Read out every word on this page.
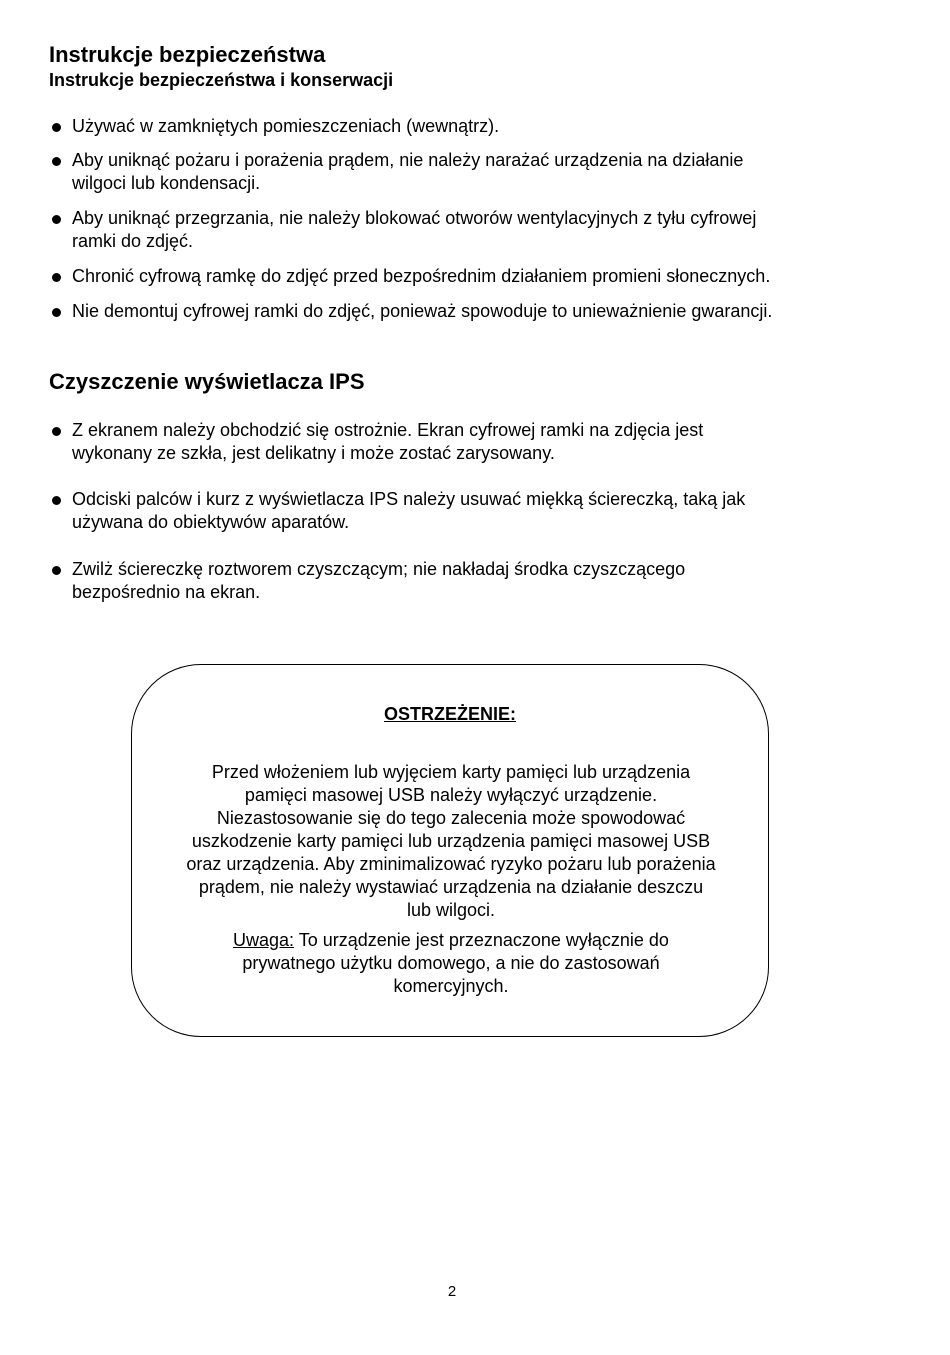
Instrukcje bezpieczeństwa
Instrukcje bezpieczeństwa i konserwacji
Używać w zamkniętych pomieszczeniach (wewnątrz).
Aby uniknąć pożaru i porażenia prądem, nie należy narażać urządzenia na działanie
wilgoci lub kondensacji.
Aby uniknąć przegrzania, nie należy blokować otworów wentylacyjnych z tyłu cyfrowej
ramki do zdjęć.
Chronić cyfrową ramkę do zdjęć przed bezpośrednim działaniem promieni słonecznych.
Nie demontuj cyfrowej ramki do zdjęć, ponieważ spowoduje to unieważnienie gwarancji.
Czyszczenie wyświetlacza IPS
Z ekranem należy obchodzić się ostrożnie. Ekran cyfrowej ramki na zdjęcia jest
wykonany ze szkła, jest delikatny i może zostać zarysowany.
Odciski palców i kurz z wyświetlacza IPS należy usuwać miękką ściereczką, taką jak
używana do obiektywów aparatów.
Zwilż ściereczkę roztworem czyszczącym; nie nakładaj środka czyszczącego
bezpośrednio na ekran.
OSTRZEŻENIE:
Przed włożeniem lub wyjęciem karty pamięci lub urządzenia
pamięci masowej USB należy wyłączyć urządzenie.
Niezastosowanie się do tego zalecenia może spowodować
uszkodzenie karty pamięci lub urządzenia pamięci masowej USB
oraz urządzenia. Aby zminimalizować ryzyko pożaru lub porażenia
prądem, nie należy wystawiać urządzenia na działanie deszczu
lub wilgoci.
Uwaga: To urządzenie jest przeznaczone wyłącznie do
prywatnego użytku domowego, a nie do zastosowań
komercyjnych.
2
